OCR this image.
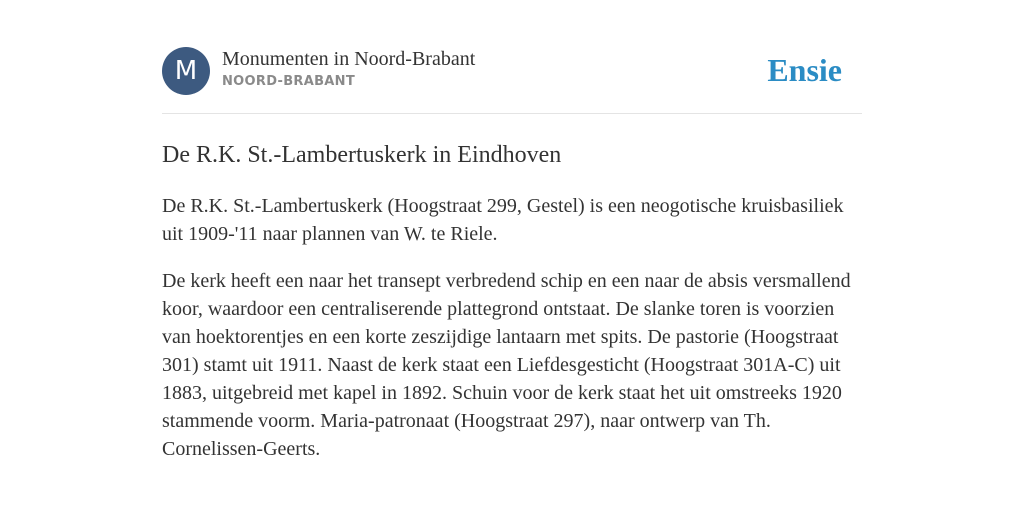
M	Monumenten in Noord-Brabant
NOORD-BRABANT	Ensie
De R.K. St.-Lambertuskerk in Eindhoven

De R.K. St.-Lambertuskerk (Hoogstraat 299, Gestel) is een neogotische kruisbasiliek uit 1909-'11 naar plannen van W. te Riele.

De kerk heeft een naar het transept verbredend schip en een naar de absis versmallend koor, waardoor een centraliserende plattegrond ontstaat. De slanke toren is voorzien van hoektorentjes en een korte zeszijdige lantaarn met spits. De pastorie (Hoogstraat 301) stamt uit 1911. Naast de kerk staat een Liefdesgesticht (Hoogstraat 301A-C) uit 1883, uitgebreid met kapel in 1892. Schuin voor de kerk staat het uit omstreeks 1920 stammende voorm. Maria-patronaat (Hoogstraat 297), naar ontwerp van Th. Cornelissen-Geerts.
